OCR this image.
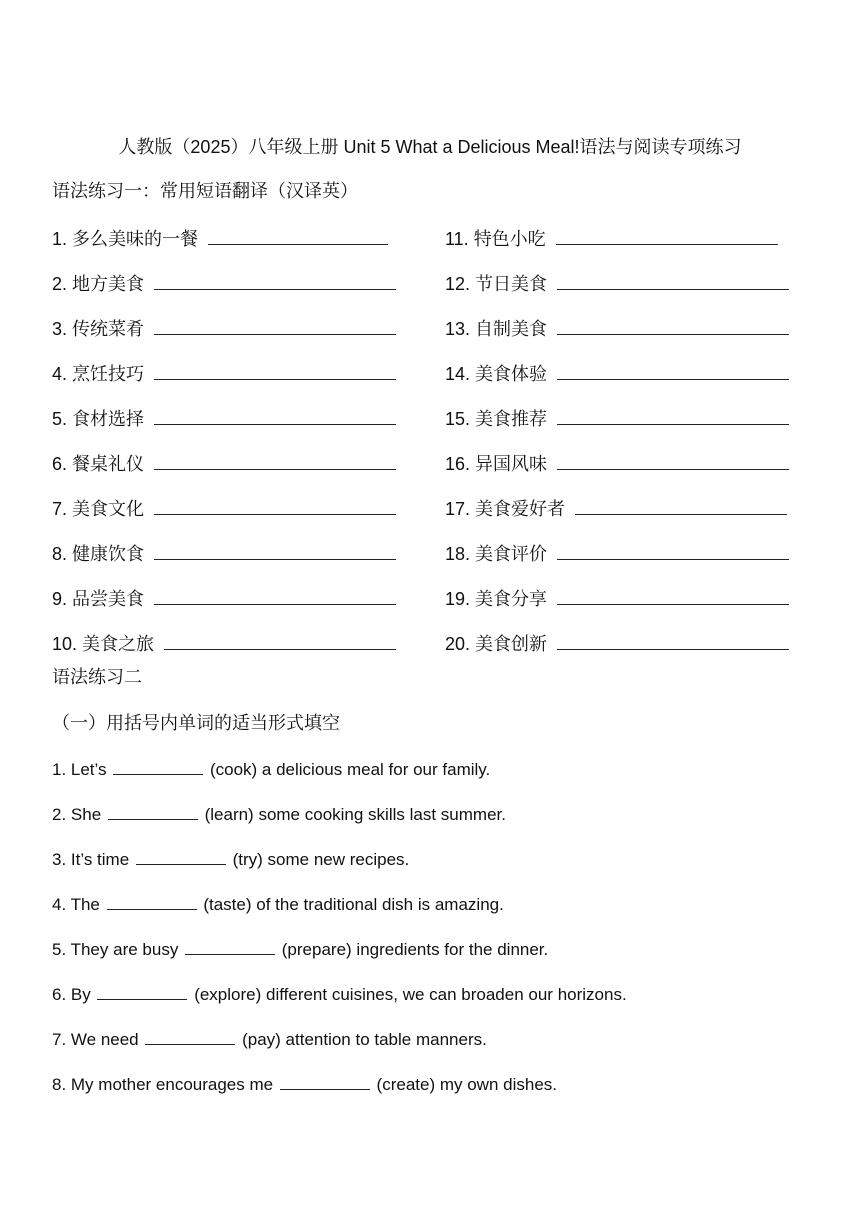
人教版（2025）八年级上册 Unit 5 What a Delicious Meal!语法与阅读专项练习
语法练习一：常用短语翻译（汉译英）
1. 多么美味的一餐
2. 地方美食
3. 传统菜肴
4. 烹饪技巧
5. 食材选择
6. 餐桌礼仪
7. 美食文化
8. 健康饮食
9. 品尝美食
10. 美食之旅
11. 特色小吃
12. 节日美食
13. 自制美食
14. 美食体验
15. 美食推荐
16. 异国风味
17. 美食爱好者
18. 美食评价
19. 美食分享
20. 美食创新
语法练习二
（一）用括号内单词的适当形式填空
1. Let’s	(cook) a delicious meal for our family.
2. She	(learn) some cooking skills last summer.
3. It’s time	(try) some new recipes.
4. The	(taste) of the traditional dish is amazing.
5. They are busy	(prepare) ingredients for the dinner.
6. By	(explore) different cuisines, we can broaden our horizons.
7. We need	(pay) attention to table manners.
8. My mother encourages me	(create) my own dishes.
